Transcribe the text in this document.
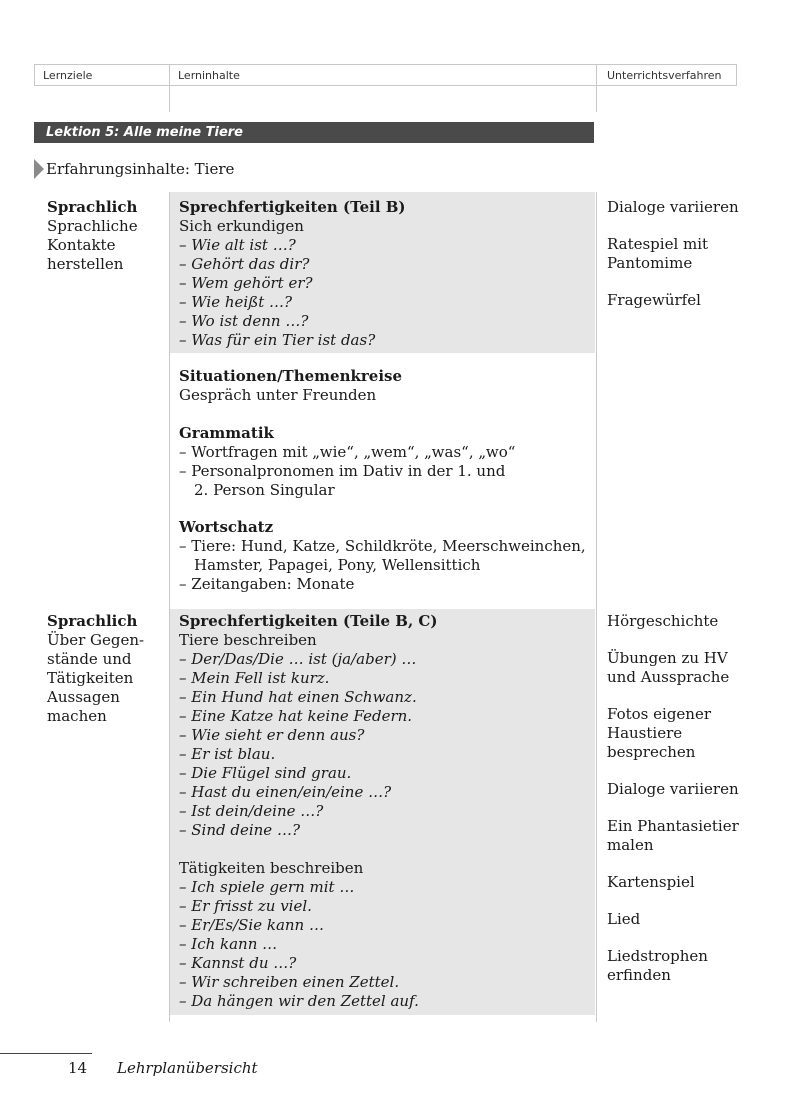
Lernziele	Lerninhalte	Unterrichtsverfahren
Lektion 5: Alle meine Tiere
Erfahrungsinhalte: Tiere
Sprechfertigkeiten (Teil B)
Sich erkundigen
– Wie alt ist …?
– Gehört das dir?
– Wem gehört er?
– Wie heißt …?
– Wo ist denn …?
– Was für ein Tier ist das?
Situationen/Themenkreise
Gespräch unter Freunden
Grammatik
– Wortfragen mit „wie“, „wem“, „was“, „wo“
– Personalpronomen im Dativ in der 1. und
2. Person Singular
Wortschatz
– Tiere: Hund, Katze, Schildkröte, Meerschweinchen,
Hamster, Papagei, Pony, Wellensittich
– Zeitangaben: Monate
Sprachlich
Sprachliche
Kontakte
herstellen
Dialoge variieren
Ratespiel mit
Pantomime
Fragewürfel
Sprechfertigkeiten (Teile B, C)
Tiere beschreiben
– Der/Das/Die … ist (ja/aber) …
– Mein Fell ist kurz.
– Ein Hund hat einen Schwanz.
– Eine Katze hat keine Federn.
– Wie sieht er denn aus?
– Er ist blau.
– Die Flügel sind grau.
– Hast du einen/ein/eine …?
– Ist dein/deine …?
– Sind deine …?
Tätigkeiten beschreiben
– Ich spiele gern mit …
– Er frisst zu viel.
– Er/Es/Sie kann …
– Ich kann …
– Kannst du …?
– Wir schreiben einen Zettel.
– Da hängen wir den Zettel auf.
Sprachlich
Über Gegen-
stände und
Tätigkeiten
Aussagen
machen
Hörgeschichte
Übungen zu HV
und Aussprache
Fotos eigener
Haustiere
besprechen
Dialoge variieren
Ein Phantasietier
malen
Kartenspiel
Lied
Liedstrophen
erfinden
14 Lehrplanübersicht
